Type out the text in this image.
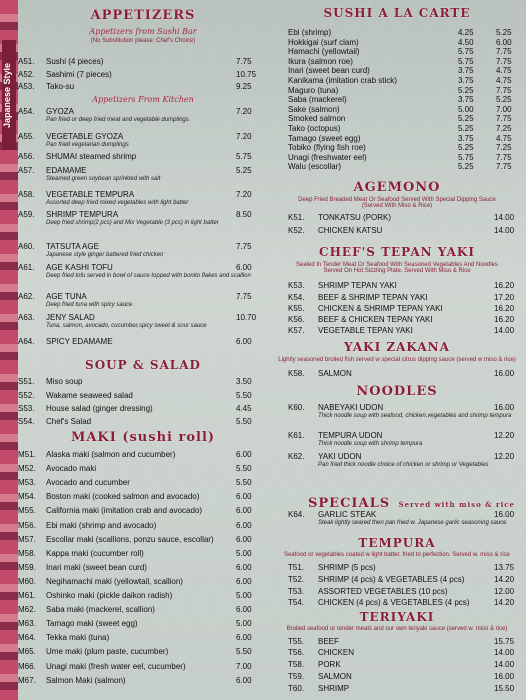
Japanese Style
APPETIZERS
Appetizers from Sushi Bar
(No Substitution please; Chef's Choice)
Appetizers From Kitchen
A51. Sushi (4 pieces)	7.75
A52. Sashimi (7 pieces)	10.75
A53. Tako-su	9.25
A54. GYOZA	7.20
Pan fried or deep fried meat and vegetable dumplings
A55. VEGETABLE GYOZA	7.20
Pan fried vegetarian dumplings
A56. SHUMAI steamed shrimp	5.75
A57. EDAMAME	5.25
Steamed green soybean sprinkled with salt
A58. VEGETABLE TEMPURA	7.20
Assorted deep fried mixed vegetables with light batter
A59. SHRIMP TEMPURA	8.50
Deep fried shrimp(2 pcs) and Mix Vegetable (3 pcs) in light batter
A60. TATSUTA AGE	7.75
Japanese style ginger battered fried chicken
A61. AGE KASHI TOFU	6.00
Deep fried tofu served in bowl of sauce topped with bonito flakes and scallion
A62. AGE TUNA	7.75
Deep fried tuna with spicy sauce
A63. JENY SALAD	10.70
Tuna, salmon, avocado, cucumber,spicy sweet & sour sauce
A64. SPICY EDAMAME	6.00
SOUP & SALAD
S51. Miso soup	3.50
S52. Wakame seaweed salad	5.50
S53. House salad (ginger dressing)	4.45
S54. Chef's Salad	5.50
MAKI (sushi roll)
M51. Alaska maki (salmon and cucumber)	6.00
M52. Avocado maki	5.50
M53. Avocado and cucumber	5.50
M54. Boston maki (cooked salmon and avocado)	6.00
M55. California maki (imitation crab and avocado)	6.00
M56. Ebi maki (shrimp and avocado)	6.00
M57. Escollar maki (scallions, ponzu sauce, escollar)	6.00
M58. Kappa maki (cucumber roll)	5.00
M59. Inari maki (sweet bean curd)	6.00
M60. Negihamachi maki (yellowtail, scallion)	6.00
M61. Oshinko maki (pickle daikon radish)	5.00
M62. Saba maki (mackerel, scallion)	6.00
M63. Tamago maki (sweet egg)	5.00
M64. Tekka maki (tuna)	6.00
M65. Ume maki (plum paste, cucumber)	5.50
M66. Unagi maki (fresh water eel, cucumber)	7.00
M67. Salmon Maki (salmon)	6.00
SUSHI A LA CARTE
Ebi (shrimp)	4.25	5.25
Hokkigai (surf clam)	4.50	6.00
Hamachi (yellowtail)	5.75	7.75
Ikura (salmon roe)	5.75	7.75
Inari (sweet bean curd)	3.75	4.75
Kanikama (imitation crab stick)	3.75	4.75
Maguro (tuna)	5.25	7.75
Saba (mackerel)	3.75	5.25
Sake (salmon)	5.00	7.00
Smoked salmon	5.25	7.75
Tako (octopus)	5.25	7.25
Tamago (sweet egg)	3.75	4.75
Tobiko (flying fish roe)	5.25	7.25
Unagi (freshwater eel)	5.75	7.75
Walu (escollar)	5.25	7.75
AGEMONO
Deep Fried Breaded Meat Or Seafood Served With Special Dipping Sauce (Served With Miso & Rice)
K51. TONKATSU (PORK)	14.00
K52. CHICKEN KATSU	14.00
CHEF'S TEPAN YAKI
Sealed In Tender Meat Or Seafood With Seasoned Vegetables And Noodles Served On Hot Sizzling Plate. Served With Miso & Rice
K53. SHRIMP TEPAN YAKI	16.20
K54. BEEF & SHRIMP TEPAN YAKI	17.20
K55. CHICKEN & SHRIMP TEPAN YAKI	16.20
K56. BEEF & CHICKEN TEPAN YAKI	16.20
K57. VEGETABLE TEPAN YAKI	14.00
YAKI ZAKANA
Lightly seasoned broiled fish served w special citrus dipping sauce (served w miso & rice)
K58. SALMON	16.00
NOODLES
K60. NABEYAKI UDON	16.00
Thick noodle soup with seafood, chicken,vegetables and shrimp tempura
K61. TEMPURA UDON	12.20
Thick noodle soup with shrimp tempura
K62. YAKI UDON	12.20
Pan fried thick noodle choice of chicken or shrimp or Vegetables
SPECIALS Served with miso & rice
K64. GARLIC STEAK	16.00
Steak lightly seared then pan fried w. Japanese garlic seasoning sauce
TEMPURA
Seafood or vegetables coated w light batter, fried to perfection. Served w. miso & rice
T51. SHRIMP (5 pcs)	13.75
T52. SHRIMP (4 pcs) & VEGETABLES (4 pcs)	14.20
T53. ASSORTED VEGETABLES (10 pcs)	12.00
T54. CHICKEN (4 pcs) & VEGETABLES (4 pcs)	14.20
TERIYAKI
Broiled seafood or tender meats and our own teriyaki sauce (served w. miso & rice)
T55. BEEF	15.75
T56. CHICKEN	14.00
T58. PORK	14.00
T59. SALMON	16.00
T60. SHRIMP	15.50
